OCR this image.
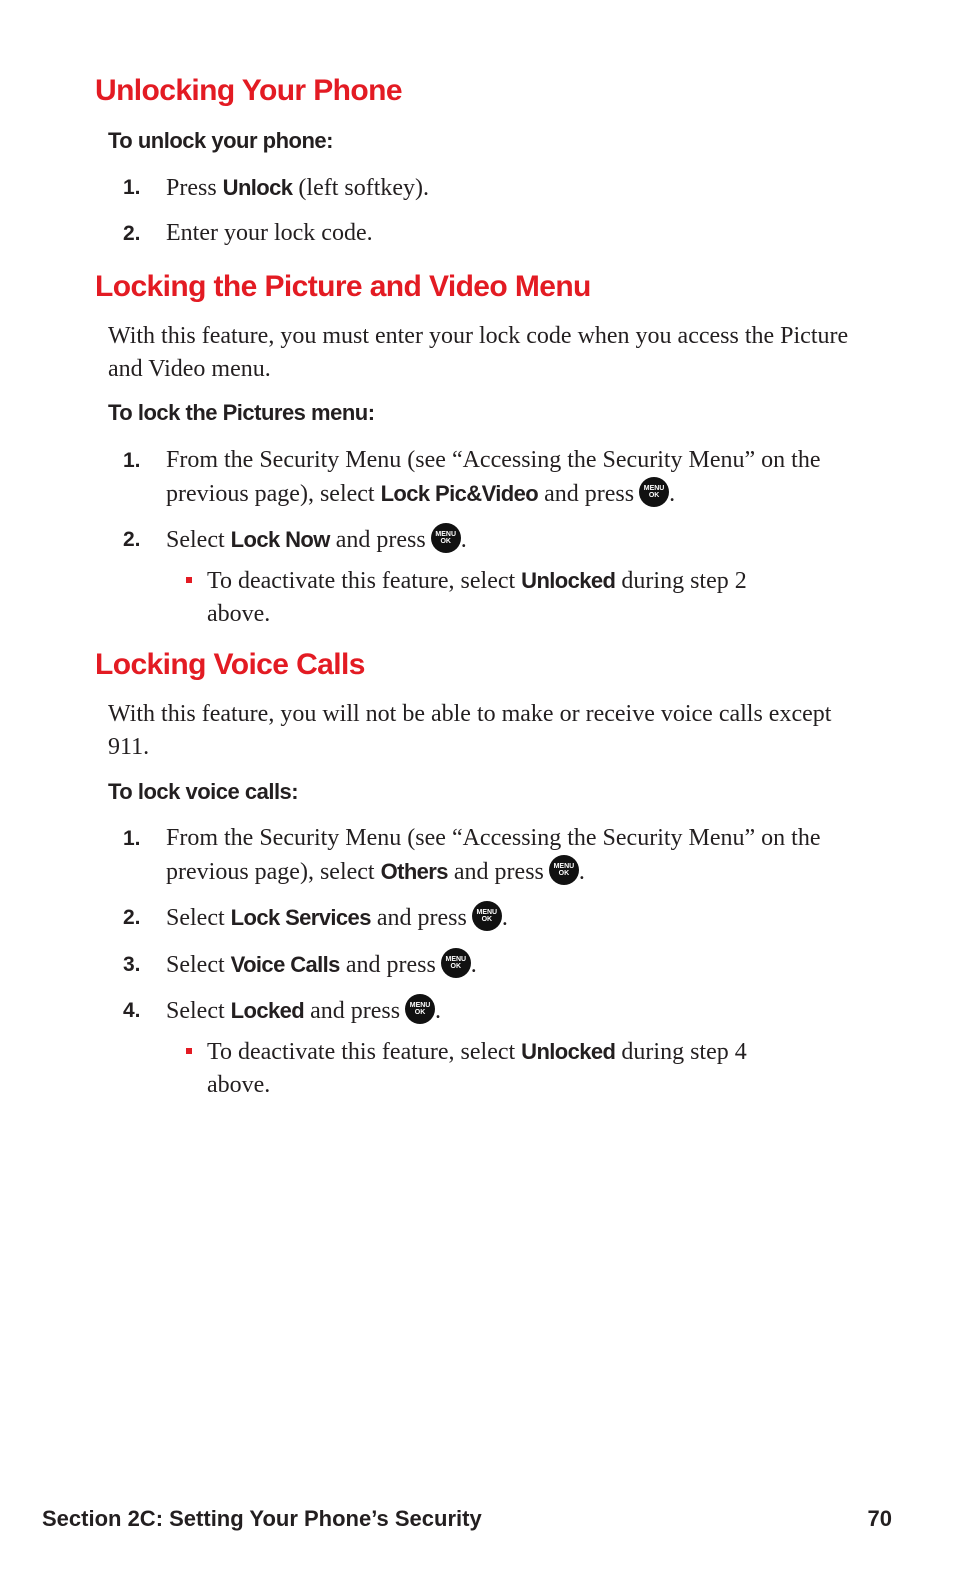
Unlocking Your Phone
To unlock your phone:
1.	Press Unlock (left softkey).
2.	Enter your lock code.
Locking the Picture and Video Menu

With this feature, you must enter your lock code when you access the Picture and Video menu.

To lock the Pictures menu:
1.	From the Security Menu (see “Accessing the Security Menu” on the previous page), select Lock Pic&Video and press	MENU
OK .
2.	Select Lock Now and press	MENU
OK .
To deactivate this feature, select Unlocked during step 2 above.
Locking Voice Calls

With this feature, you will not be able to make or receive voice calls except 911.

To lock voice calls:
1.	From the Security Menu (see “Accessing the Security Menu” on the previous page), select Others and press	MENU
OK .
2.	Select Lock Services and press	MENU
OK .
3.	Select Voice Calls and press	MENU
OK .
4.	Select Locked and press	MENU
OK .
To deactivate this feature, select Unlocked during step 4 above.
Section 2C: Setting Your Phone’s Security	70
